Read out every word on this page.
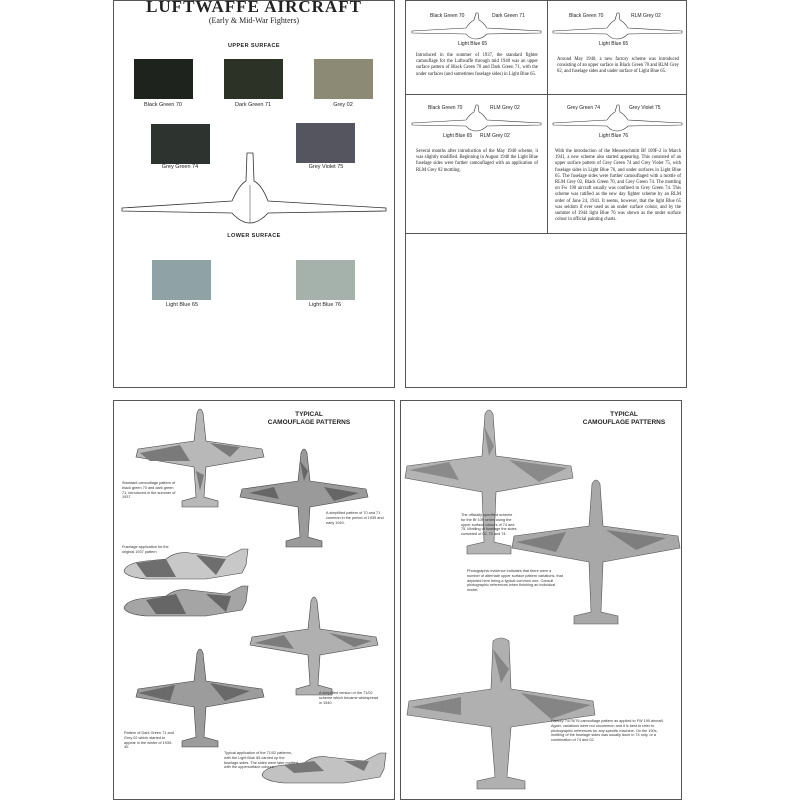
LUFTWAFFE AIRCRAFT
(Early & Mid-War Fighters)
UPPER SURFACE
Black Green 70	Dark Green 71	Grey 02
Grey Green 74	Grey Violet 75
LOWER SURFACE
Light Blue 65	Light Blue 76
Black Green 70	Dark Green 71
Light Blue 65
Introduced in the summer of 1937, the standard fighter camouflage for the Luftwaffe through mid 1940 was an upper surface pattern of Black Green 70 and Dark Green 71, with the under surfaces (and sometimes fuselage sides) in Light Blue 65.
Black Green 70	RLM Grey 02
Light Blue 65
Around May 1940, a new factory scheme was introduced consisting of an upper surface in Black Green 70 and RLM Grey 02, and fuselage sides and under surface of Light Blue 65.
Black Green 70	RLM Grey 02
Light Blue 65 RLM Grey 02
Several months after introduction of the May 1940 scheme, it was slightly modified. Beginning in August 1940 the Light Blue fuselage sides were further camouflaged with an application of RLM Grey 02 mottling.
Grey Green 74	Grey Violet 75
Light Blue 76
With the introduction of the Messerschmitt Bf 109F-2 in March 1941, a new scheme also started appearing. This consisted of an upper surface pattern of Grey Green 74 and Grey Violet 75, with fuselage sides in Light Blue 76, and under surfaces in Light Blue 65. The fuselage sides were further camouflaged with a mottle of RLM Grey 02, Black Green 70, and Grey Green 74. The mottling on Fw 190 aircraft usually was confined to Grey Green 74. This scheme was ratified as the new day fighter scheme by an RLM order of June 24, 1941. It seems, however, that the light Blue 65 was seldom if ever used as an under surface colour, and by the summer of 1944 light Blue 76 was shown as the under surface colour in official painting charts.
TYPICAL
CAMOUFLAGE PATTERNS
Standard camouflage pattern of black green 70 and dark green 71, introduced in the summer of 1937.
A simplified pattern of 70 and 71 common in the period of 1939 and early 1940.
Fuselage application for the original 1937 pattern
A simplified version of the 71/02 scheme which became widespread in 1940.
Pattern of Dark Green 71 and Grey 02 which started to appear in the winter of 1939-40.
Typical application of the 71/02 patterns, with the Light Blue 65 carried up the fuselage sides. The sides were later mottled with the uppersurface colours.
TYPICAL
CAMOUFLAGE PATTERNS
The officially specified scheme for the Bf 109 series using the upper surface colours of 74 and 75. Mottling of fuselage the sides consisted of 02, 70 and 74.
Photographic evidence indicates that there were a number of alternate upper surface pattern variations, that depicted here being a typical common one. Consult photographic references when finishing an individual model.
Factory 74/75/76 camouflage pattern as applied to FW 190 aircraft. Again, variations were not uncommon and it is best to refer to photographic references for any specific machine. On the 190s, mottling of the fuselage sides was usually done in 74 only, or a combination of 74 and 02.
